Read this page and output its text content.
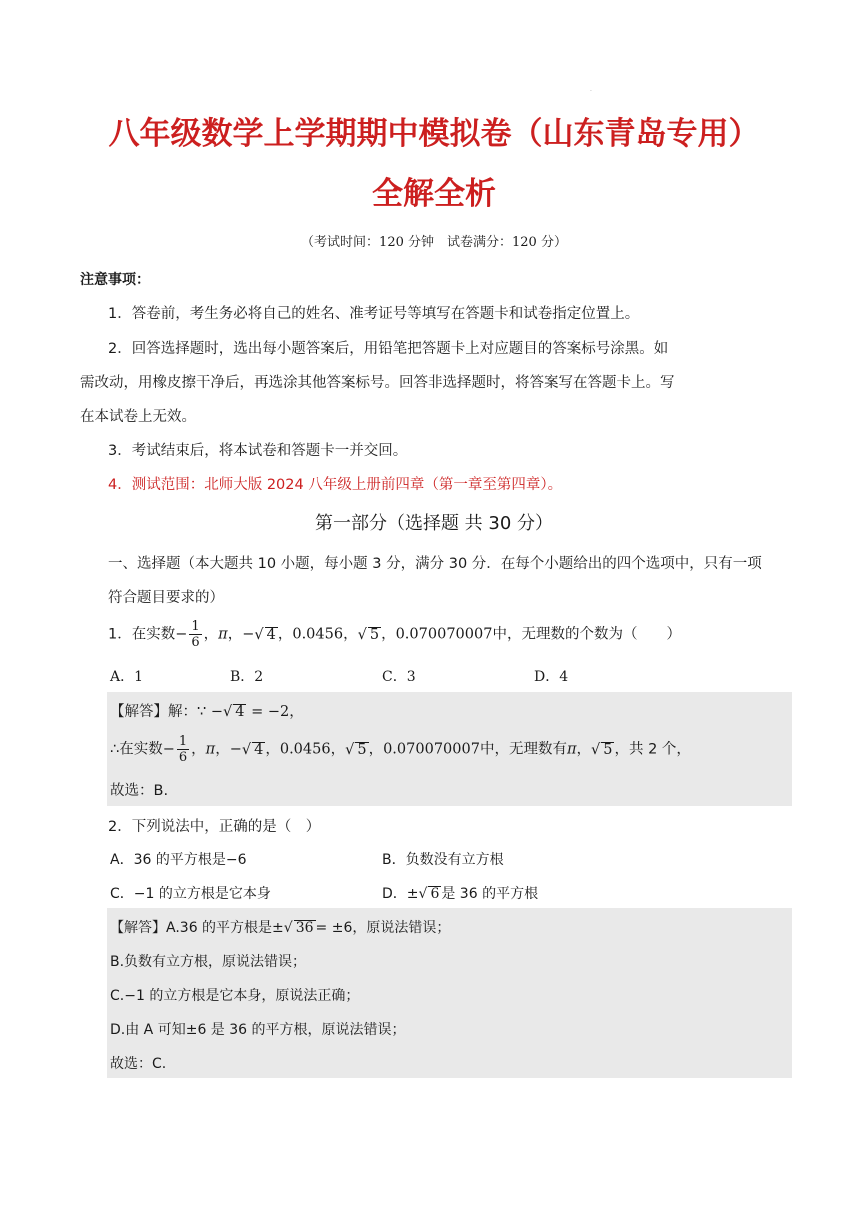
·
八年级数学上学期期中模拟卷（山东青岛专用）
全解全析
（考试时间：120 分钟　试卷满分：120 分）
注意事项：
1．答卷前，考生务必将自己的姓名、准考证号等填写在答题卡和试卷指定位置上。
2．回答选择题时，选出每小题答案后，用铅笔把答题卡上对应题目的答案标号涂黑。如
需改动，用橡皮擦干净后，再选涂其他答案标号。回答非选择题时，将答案写在答题卡上。写
在本试卷上无效。
3．考试结束后，将本试卷和答题卡一并交回。
4．测试范围：北师大版 2024 八年级上册前四章（第一章至第四章）。
第一部分（选择题 共 30 分）
一、选择题（本大题共 10 小题，每小题 3 分，满分 30 分．在每个小题给出的四个选项中，只有一项
符合题目要求的）
1．在实数− $\frac{1}{6}$ ，π，− √ 4 ，0.0456， √ 5 ，0.070070007中，无理数的个数为（　　）
A．1	B．2	C．3	D．4
【解答】解：∵ − √ 4 = −2，
∴在实数− $\frac{1}{6}$ ，π，− √ 4 ，0.0456， √ 5 ，0.070070007中，无理数有π， √ 5 ，共 2 个，
故选：B.
2．下列说法中，正确的是（　）
A．36 的平方根是−6	B．负数没有立方根
C．−1 的立方根是它本身	D．± √ 6 是 36 的平方根
【解答】A.36 的平方根是± √ 36 = ±6，原说法错误；
B.负数有立方根，原说法错误；
C.−1 的立方根是它本身，原说法正确；
D.由 A 可知±6 是 36 的平方根，原说法错误；
故选：C.
